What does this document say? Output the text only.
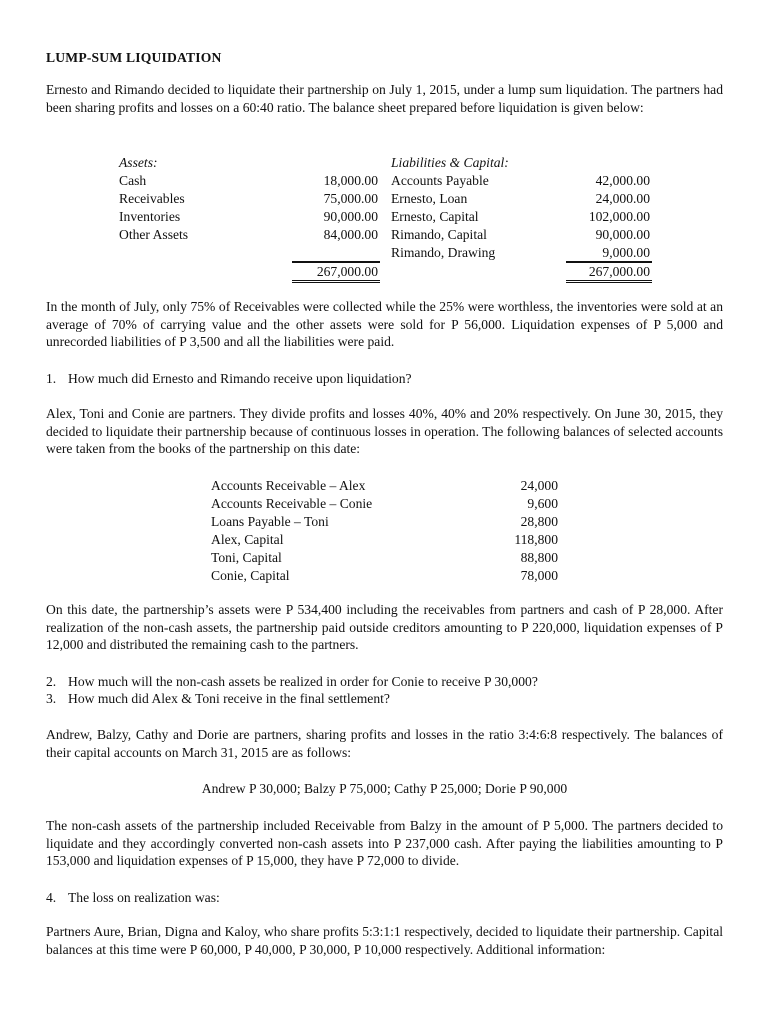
LUMP-SUM LIQUIDATION

Ernesto and Rimando decided to liquidate their partnership on July 1, 2015, under a lump sum liquidation. The partners had been sharing profits and losses on a 60:40 ratio. The balance sheet prepared before liquidation is given below:

Assets:	Liabilities & Capital:
Cash
Receivables
Inventories
Other Assets
18,000.00
75,000.00
90,000.00
84,000.00
Accounts Payable
Ernesto, Loan
Ernesto, Capital
Rimando, Capital
Rimando, Drawing
42,000.00
24,000.00
102,000.00
90,000.00
9,000.00
267,000.00	267,000.00

In the month of July, only 75% of Receivables were collected while the 25% were worthless, the inventories were sold at an average of 70% of carrying value and the other assets were sold for P 56,000. Liquidation expenses of P 5,000 and unrecorded liabilities of P 3,500 and all the liabilities were paid.

1. How much did Ernesto and Rimando receive upon liquidation?

Alex, Toni and Conie are partners. They divide profits and losses 40%, 40% and 20% respectively. On June 30, 2015, they decided to liquidate their partnership because of continuous losses in operation. The following balances of selected accounts were taken from the books of the partnership on this date:

Accounts Receivable – Alex
Accounts Receivable – Conie
Loans Payable – Toni
Alex, Capital
Toni, Capital
Conie, Capital
24,000
9,600
28,800
118,800
88,800
78,000

On this date, the partnership’s assets were P 534,400 including the receivables from partners and cash of P 28,000. After realization of the non-cash assets, the partnership paid outside creditors amounting to P 220,000, liquidation expenses of P 12,000 and distributed the remaining cash to the partners.

2. How much will the non-cash assets be realized in order for Conie to receive P 30,000?
3. How much did Alex & Toni receive in the final settlement?

Andrew, Balzy, Cathy and Dorie are partners, sharing profits and losses in the ratio 3:4:6:8 respectively. The balances of their capital accounts on March 31, 2015 are as follows:

Andrew P 30,000; Balzy P 75,000; Cathy P 25,000; Dorie P 90,000

The non-cash assets of the partnership included Receivable from Balzy in the amount of P 5,000. The partners decided to liquidate and they accordingly converted non-cash assets into P 237,000 cash. After paying the liabilities amounting to P 153,000 and liquidation expenses of P 15,000, they have P 72,000 to divide.

4. The loss on realization was:

Partners Aure, Brian, Digna and Kaloy, who share profits 5:3:1:1 respectively, decided to liquidate their partnership. Capital balances at this time were P 60,000, P 40,000, P 30,000, P 10,000 respectively. Additional information:
